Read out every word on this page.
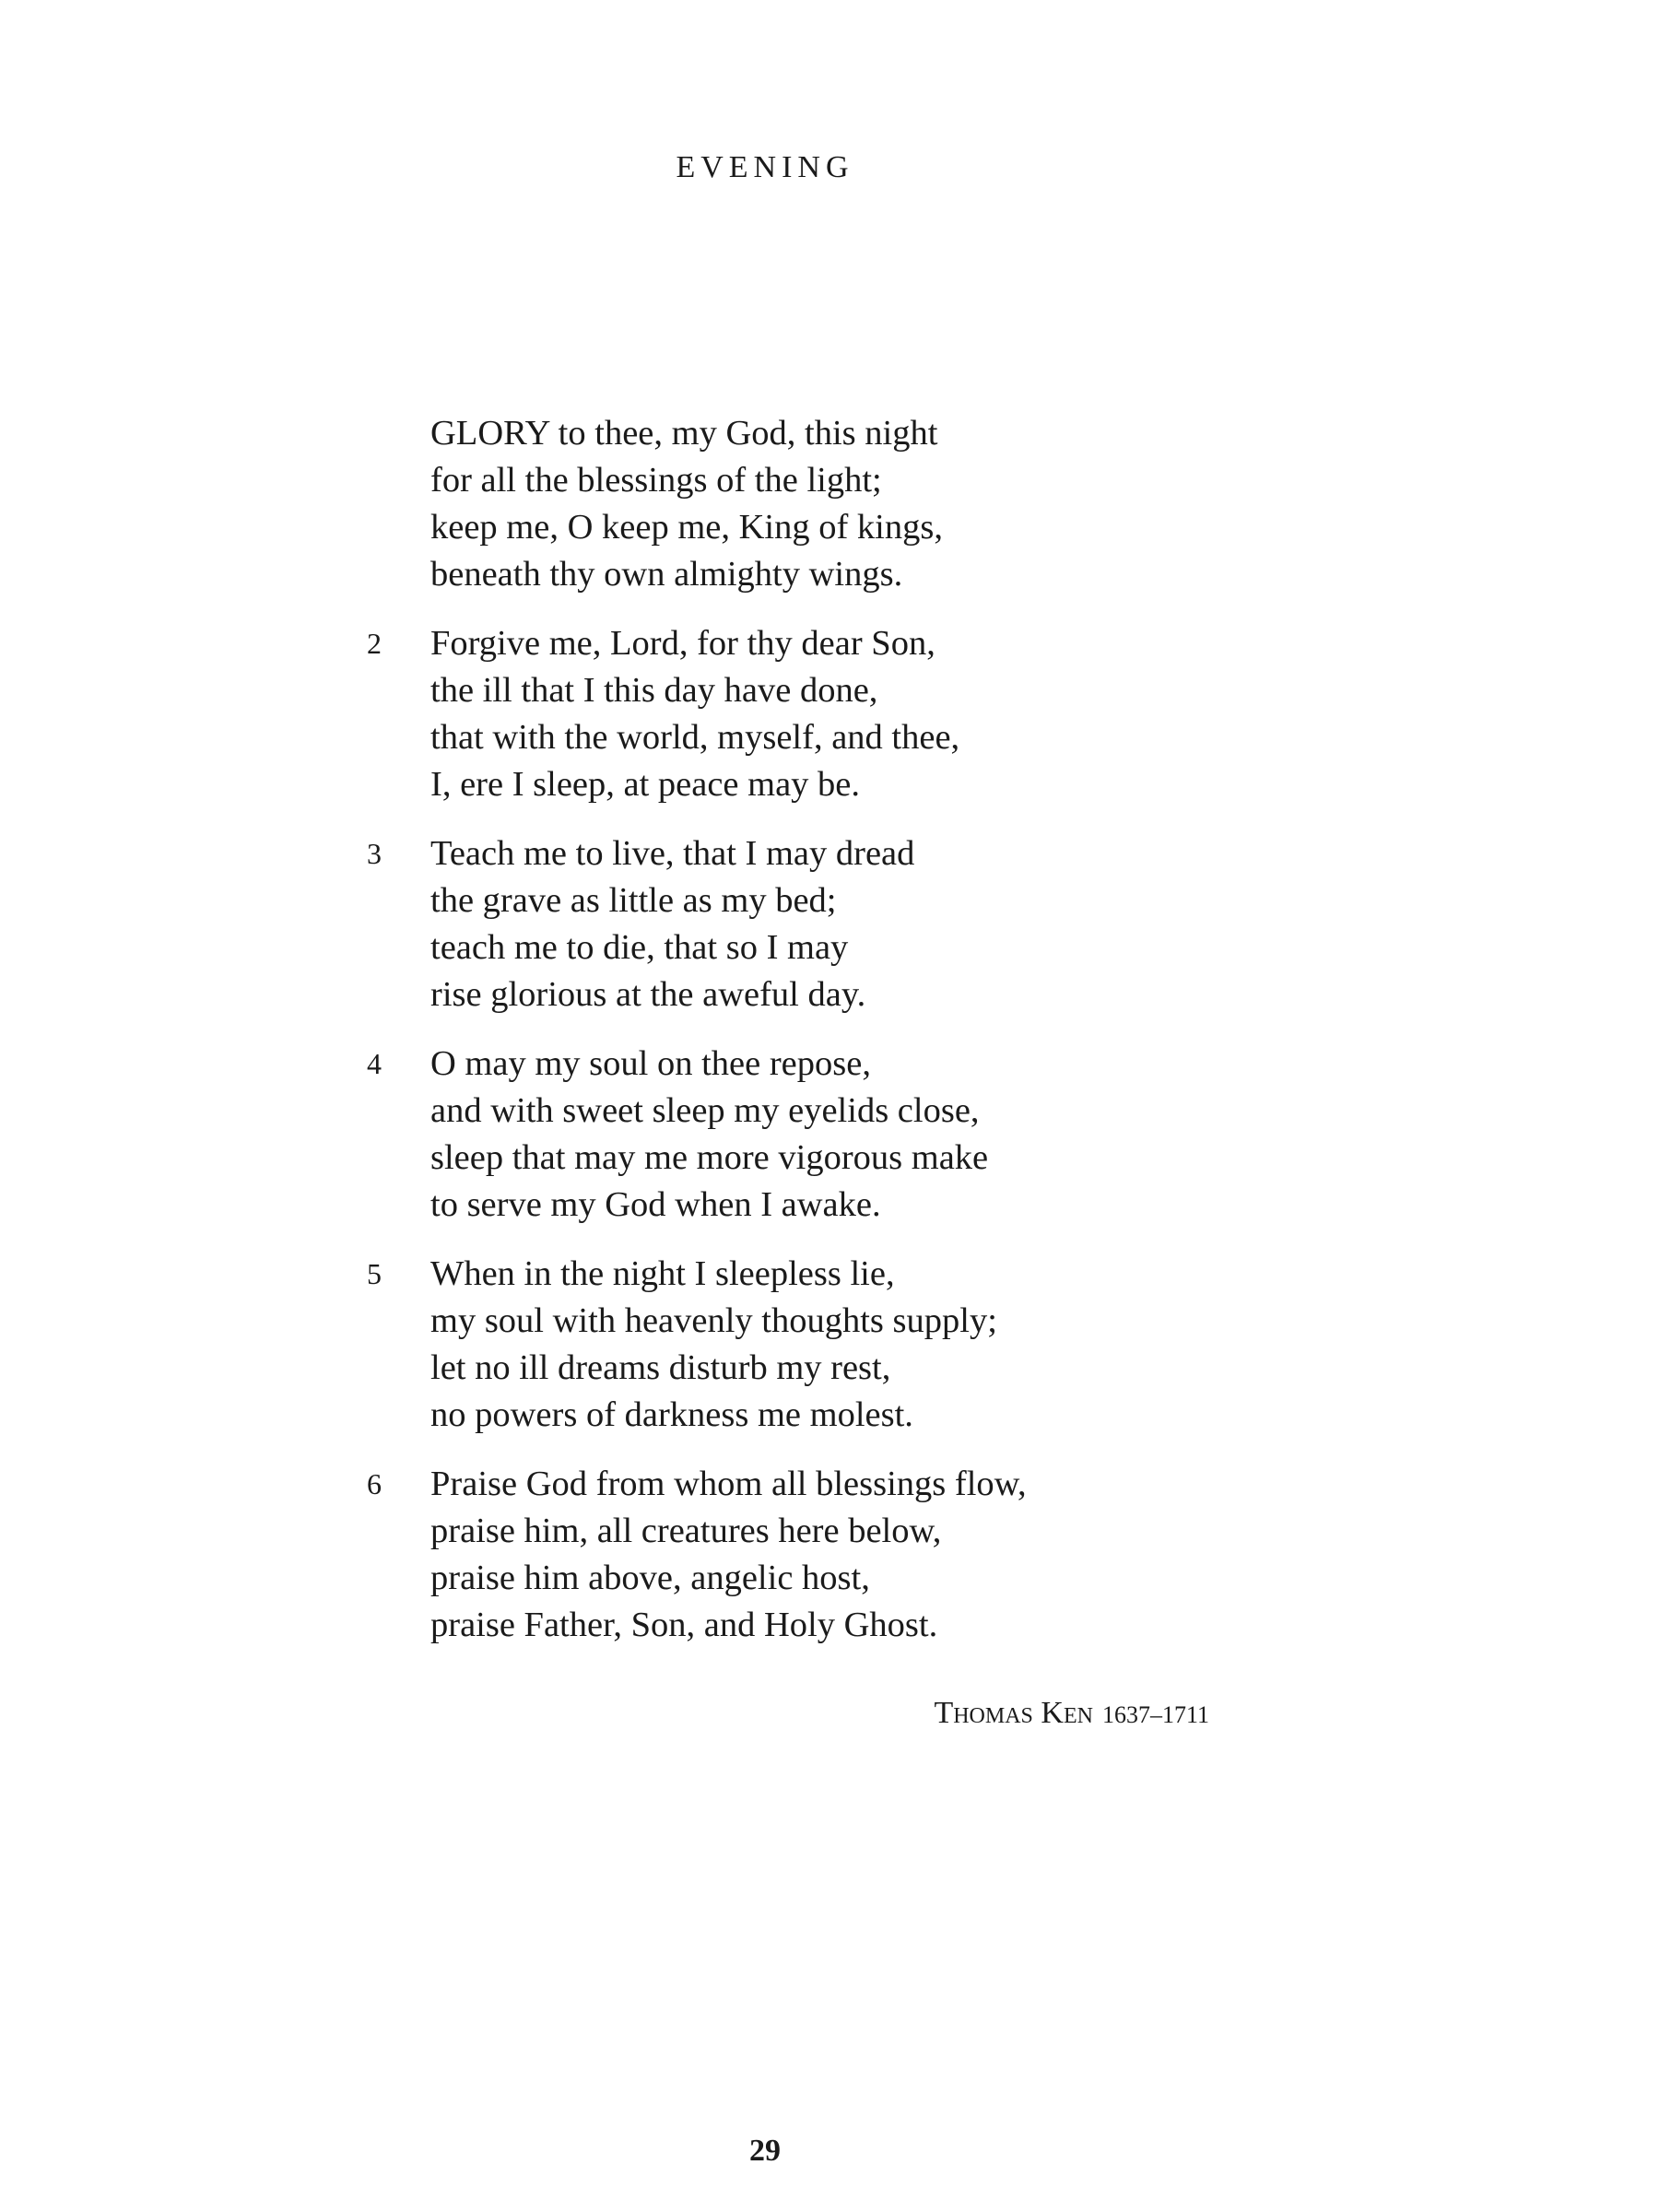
EVENING
GLORY to thee, my God, this night
for all the blessings of the light;
keep me, O keep me, King of kings,
beneath thy own almighty wings.
2 Forgive me, Lord, for thy dear Son,
the ill that I this day have done,
that with the world, myself, and thee,
I, ere I sleep, at peace may be.
3 Teach me to live, that I may dread
the grave as little as my bed;
teach me to die, that so I may
rise glorious at the aweful day.
4 O may my soul on thee repose,
and with sweet sleep my eyelids close,
sleep that may me more vigorous make
to serve my God when I awake.
5 When in the night I sleepless lie,
my soul with heavenly thoughts supply;
let no ill dreams disturb my rest,
no powers of darkness me molest.
6 Praise God from whom all blessings flow,
praise him, all creatures here below,
praise him above, angelic host,
praise Father, Son, and Holy Ghost.
Thomas Ken 1637–1711
29
